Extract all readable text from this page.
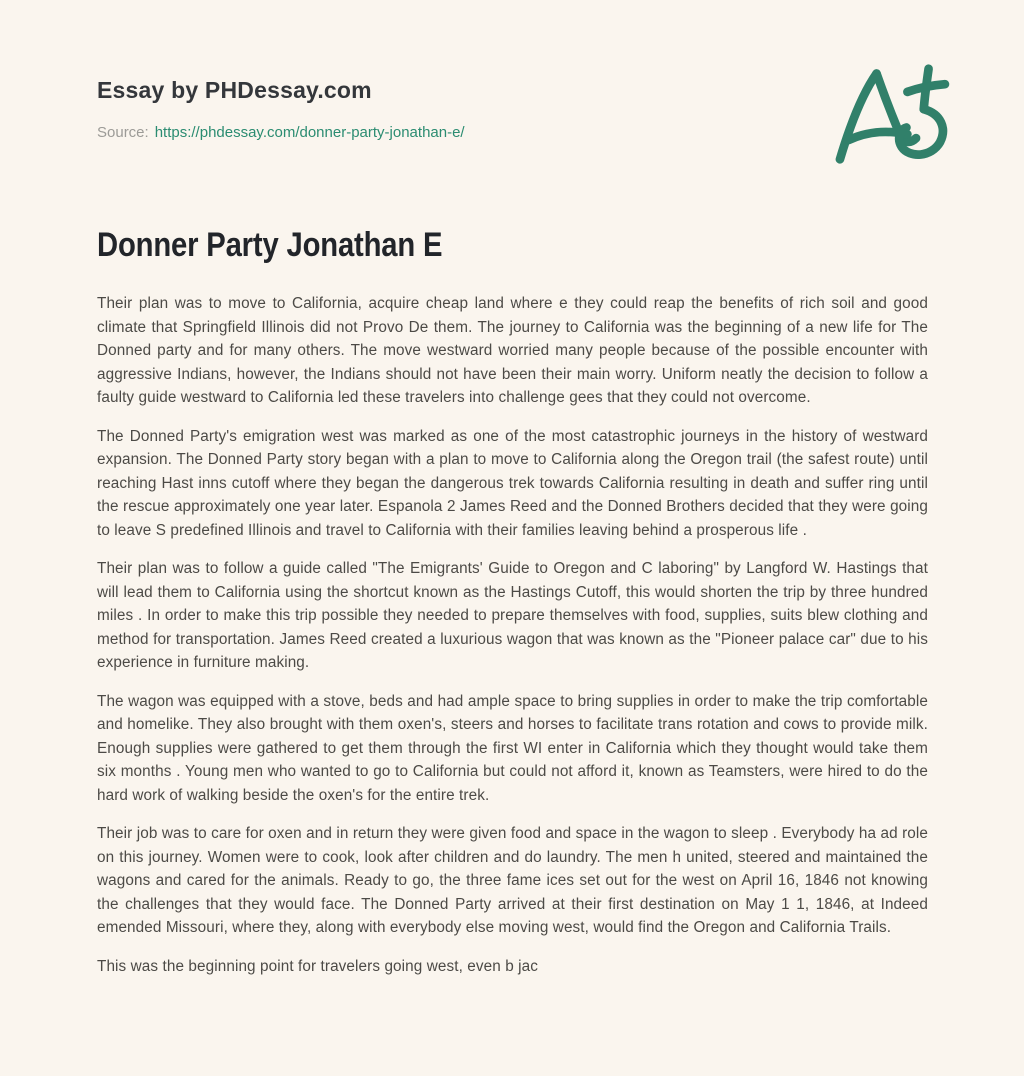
Essay by PHDessay.com
Source: https://phdessay.com/donner-party-jonathan-e/
Donner Party Jonathan E

Their plan was to move to California, acquire cheap land where e they could reap the benefits of rich soil and good climate that Springfield Illinois did not Provo De them. The journey to California was the beginning of a new life for The Donned party and for many others. The move westward worried many people because of the possible encounter with aggressive Indians, however, the Indians should not have been their main worry. Uniform neatly the decision to follow a faulty guide westward to California led these travelers into challenge gees that they could not overcome.

The Donned Party's emigration west was marked as one of the most catastrophic journeys in the history of westward expansion. The Donned Party story began with a plan to move to California along the Oregon trail (the safest route) until reaching Hast inns cutoff where they began the dangerous trek towards California resulting in death and suffer ring until the rescue approximately one year later. Espanola 2 James Reed and the Donned Brothers decided that they were going to leave S predefined Illinois and travel to California with their families leaving behind a prosperous life .

Their plan was to follow a guide called "The Emigrants' Guide to Oregon and C laboring" by Langford W. Hastings that will lead them to California using the shortcut known as the Hastings Cutoff, this would shorten the trip by three hundred miles . In order to make this trip possible they needed to prepare themselves with food, supplies, suits blew clothing and method for transportation. James Reed created a luxurious wagon that was known as the "Pioneer palace car" due to his experience in furniture making.

The wagon was equipped with a stove, beds and had ample space to bring supplies in order to make the trip comfortable and homelike. They also brought with them oxen's, steers and horses to facilitate trans rotation and cows to provide milk. Enough supplies were gathered to get them through the first WI enter in California which they thought would take them six months . Young men who wanted to go to California but could not afford it, known as Teamsters, were hired to do the hard work of walking beside the oxen's for the entire trek.

Their job was to care for oxen and in return they were given food and space in the wagon to sleep . Everybody ha ad role on this journey. Women were to cook, look after children and do laundry. The men h united, steered and maintained the wagons and cared for the animals. Ready to go, the three fame ices set out for the west on April 16, 1846 not knowing the challenges that they would face. The Donned Party arrived at their first destination on May 1 1, 1846, at Indeed emended Missouri, where they, along with everybody else moving west, would find the Oregon and California Trails.

This was the beginning point for travelers going west, even b jac
